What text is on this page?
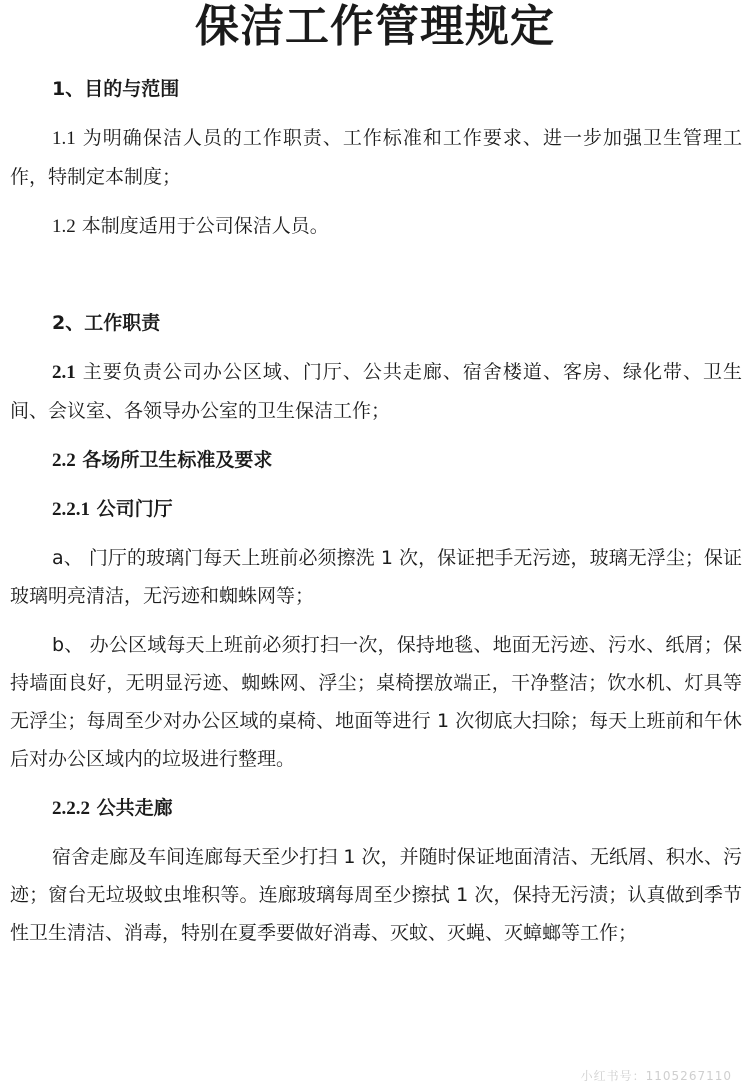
保洁工作管理规定

1、目的与范围

1.1 为明确保洁人员的工作职责、工作标准和工作要求、进一步加强卫生管理工作，特制定本制度；

1.2 本制度适用于公司保洁人员。

2、工作职责

2.1 主要负责公司办公区域、门厅、公共走廊、宿舍楼道、客房、绿化带、卫生间、会议室、各领导办公室的卫生保洁工作；

2.2 各场所卫生标准及要求

2.2.1 公司门厅

a、 门厅的玻璃门每天上班前必须擦洗 1 次，保证把手无污迹，玻璃无浮尘；保证玻璃明亮清洁，无污迹和蜘蛛网等；

b、 办公区域每天上班前必须打扫一次，保持地毯、地面无污迹、污水、纸屑；保持墙面良好，无明显污迹、蜘蛛网、浮尘；桌椅摆放端正，干净整洁；饮水机、灯具等无浮尘；每周至少对办公区域的桌椅、地面等进行 1 次彻底大扫除；每天上班前和午休后对办公区域内的垃圾进行整理。

2.2.2 公共走廊

宿舍走廊及车间连廊每天至少打扫 1 次，并随时保证地面清洁、无纸屑、积水、污迹；窗台无垃圾蚊虫堆积等。连廊玻璃每周至少擦拭 1 次，保持无污渍；认真做到季节性卫生清洁、消毒，特别在夏季要做好消毒、灭蚊、灭蝇、灭蟑螂等工作；

小红书号：1105267110
